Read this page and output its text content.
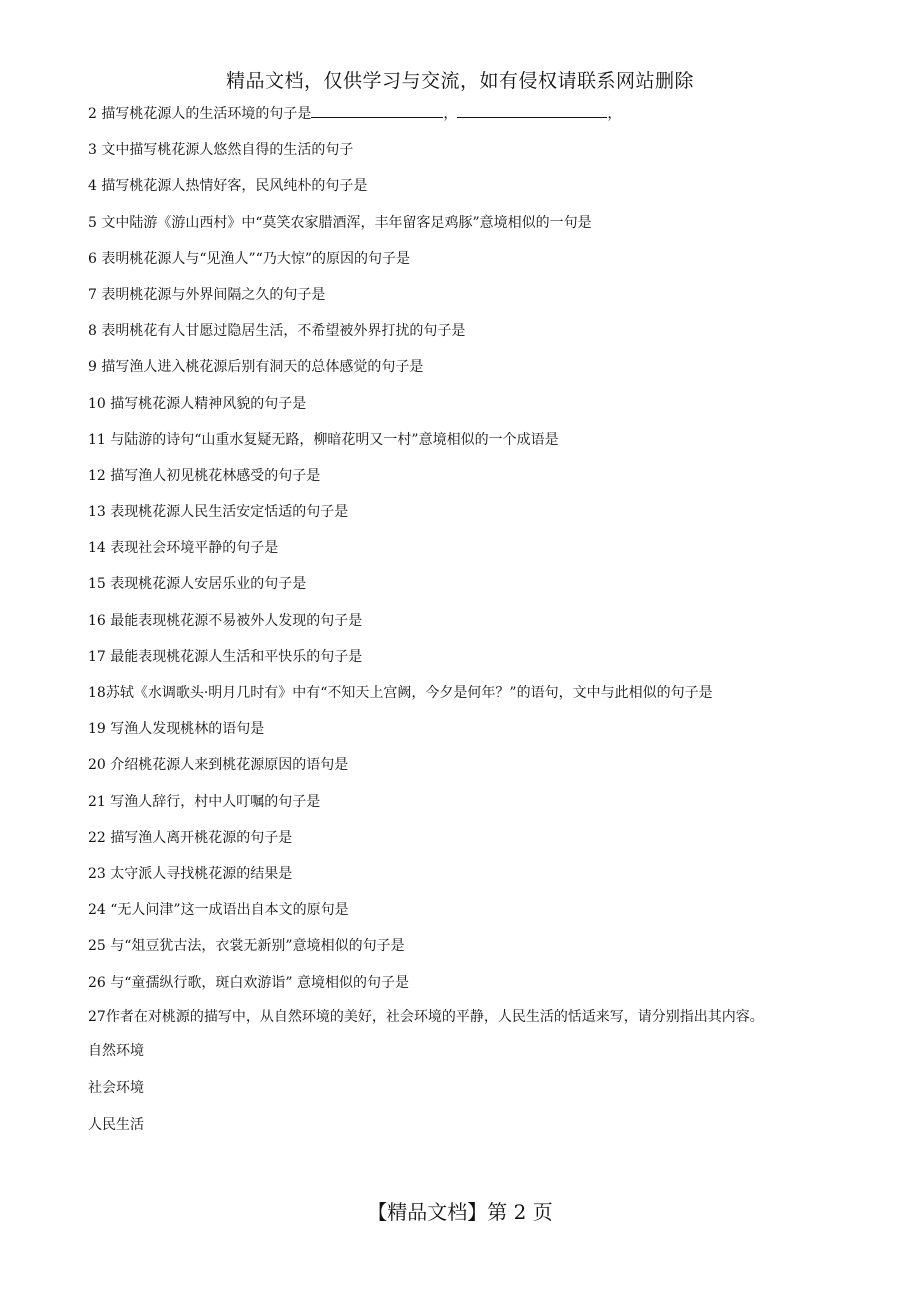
精品文档，仅供学习与交流，如有侵权请联系网站删除
2 描写桃花源人的生活环境的句子是	，	，
3 文中描写桃花源人悠然自得的生活的句子
4 描写桃花源人热情好客，民风纯朴的句子是
5 文中陆游《游山西村》中“莫笑农家腊酒浑，丰年留客足鸡豚”意境相似的一句是
6 表明桃花源人与“见渔人”“乃大惊”的原因的句子是
7 表明桃花源与外界间隔之久的句子是
8 表明桃花有人甘愿过隐居生活，不希望被外界打扰的句子是
9 描写渔人进入桃花源后别有洞天的总体感觉的句子是
10 描写桃花源人精神风貌的句子是
11 与陆游的诗句“山重水复疑无路，柳暗花明又一村”意境相似的一个成语是
12 描写渔人初见桃花林感受的句子是
13 表现桃花源人民生活安定恬适的句子是
14 表现社会环境平静的句子是
15 表现桃花源人安居乐业的句子是
16 最能表现桃花源不易被外人发现的句子是
17 最能表现桃花源人生活和平快乐的句子是
18苏轼《水调歌头·明月几时有》中有“不知天上宫阙，今夕是何年？”的语句，文中与此相似的句子是
19 写渔人发现桃林的语句是
20 介绍桃花源人来到桃花源原因的语句是
21 写渔人辞行，村中人叮嘱的句子是
22 描写渔人离开桃花源的句子是
23 太守派人寻找桃花源的结果是
24 “无人问津”这一成语出自本文的原句是
25 与“俎豆犹古法，衣裳无新别”意境相似的句子是
26 与“童孺纵行歌，斑白欢游诣” 意境相似的句子是
27作者在对桃源的描写中，从自然环境的美好，社会环境的平静，人民生活的恬适来写，请分别指出其内容。
自然环境
社会环境
人民生活
【精品文档】第 2 页
